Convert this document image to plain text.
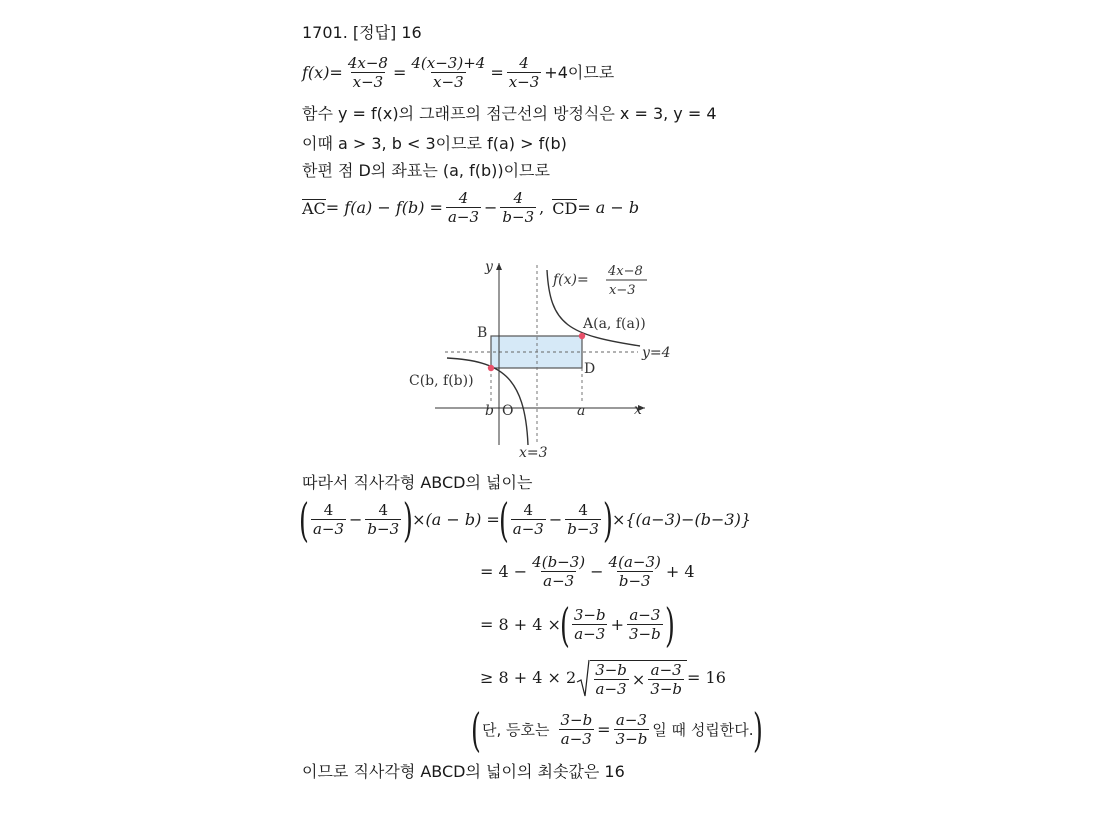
1701. [정답] 16
$f(x)= \frac{4x-8}{x-3} = \frac{4(x-3)+4}{x-3} = \frac{4}{x-3} +4$이므로
함수 y = f(x)의 그래프의 점근선의 방정식은 x = 3, y = 4
이때 a > 3, b < 3이므로 f(a) > f(b)
한편 점 D의 좌표는 (a, f(b))이므로
AC = $f(a) - f(b) = \frac{4}{a-3} - \frac{4}{b-3}$ , CD = a − b
y
x
O
b	a
f(x)=
4x−8
x−3
A(a, f(a))
B
C(b, f(b))
D
y=4
x=3
따라서 직사각형 ABCD의 넓이는
( $\frac{4}{a-3} - \frac{4}{b-3}$ ) ×(a − b) = ( $\frac{4}{a-3} - \frac{4}{b-3}$ ) ×{(a−3)−(b−3)}
= $4 - \frac{4(b-3)}{a-3} - \frac{4(a-3)}{b-3} + 4$
= 8 + 4 × ( $\frac{3-b}{a-3} + \frac{a-3}{3-b}$ )
≥ $8 + 4 \times 2 \frac{3-b}{a-3} \times \frac{a-3}{3-b} = 16$
( 단, 등호는 $\frac{3-b}{a-3} = \frac{a-3}{3-b}$ 일 때 성립한다. )
이므로 직사각형 ABCD의 넓이의 최솟값은 16
